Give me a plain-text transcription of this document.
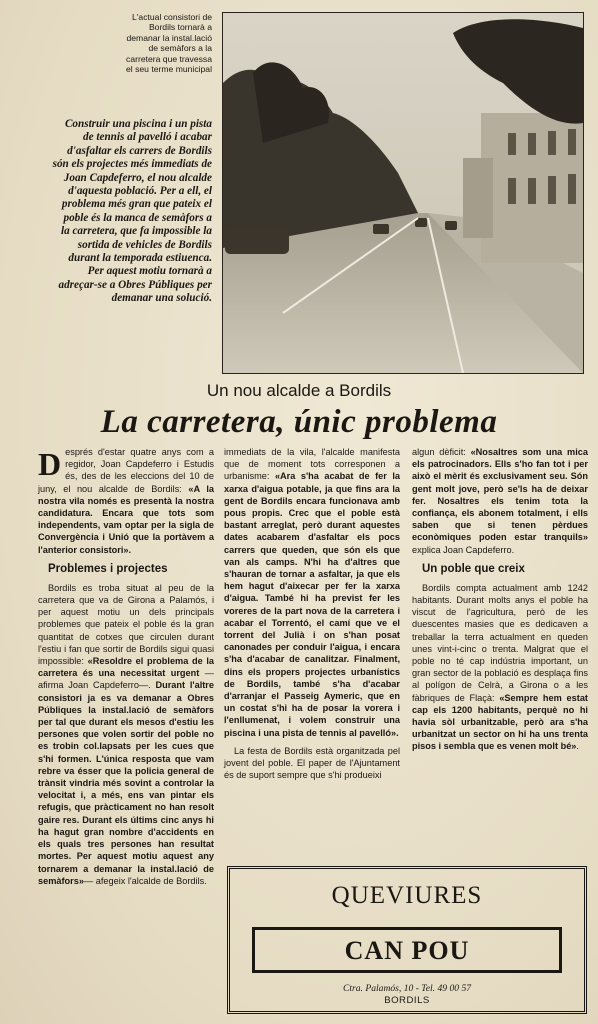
L'actual consistori de Bordils tornarà a demanar la instal.lació de semàfors a la carretera que travessa el seu terme municipal

Construir una piscina i un pista de tennis al pavelló i acabar d'asfaltar els carrers de Bordils són els projectes més immediats de Joan Capdeferro, el nou alcalde d'aquesta població. Per a ell, el problema més gran que pateix el poble és la manca de semàfors a la carretera, que fa impossible la sortida de vehicles de Bordils durant la temporada estiuenca. Per aquest motiu tornarà a adreçar-se a Obres Públiques per demanar una solució.

Un nou alcalde a Bordils

La carretera, únic problema

Després d'estar quatre anys com a regidor, Joan Capdeferro i Estudis és, des de les eleccions del 10 de juny, el nou alcalde de Bordils: «A la nostra vila només es presentà la nostra candidatura. Encara que tots som independents, vam optar per la sigla de Convergència i Unió que la portàvem a l'anterior consistori».

Problemes i projectes

Bordils es troba situat al peu de la carretera que va de Girona a Palamós, i per aquest motiu un dels principals problemes que pateix el poble és la gran quantitat de cotxes que circulen durant l'estiu i fan que sortir de Bordils sigui quasi impossible: «Resoldre el problema de la carretera és una necessitat urgent —afirma Joan Capdeferro—. Durant l'altre consistori ja es va demanar a Obres Públiques la instal.lació de semàfors per tal que durant els mesos d'estiu les persones que volen sortir del poble no es trobin col.lapsats per les cues que s'hi formen. L'única resposta que vam rebre va ésser que la policia general de trànsit vindria més sovint a controlar la velocitat i, a més, ens van pintar els refugis, que pràcticament no han resolt gaire res. Durant els últims cinc anys hi ha hagut gran nombre d'accidents en els quals tres persones han resultat mortes. Per aquest motiu aquest any tornarem a demanar la instal.lació de semàfors»— afegeix l'alcalde de Bordils.

immediats de la vila, l'alcalde manifesta que de moment tots corresponen a urbanisme: «Ara s'ha acabat de fer la xarxa d'aigua potable, ja que fins ara la gent de Bordils encara funcionava amb pous propis. Crec que el poble està bastant arreglat, però durant aquestes dates acabarem d'asfaltar els pocs carrers que queden, que són els que van als camps. N'hi ha d'altres que s'hauran de tornar a asfaltar, ja que els hem hagut d'aixecar per fer la xarxa d'aigua. També hi ha previst fer les voreres de la part nova de la carretera i acabar el Torrentó, el camí que ve el torrent del Julià i on s'han posat canonades per conduir l'aigua, i encara s'ha d'acabar de canalitzar. Finalment, dins els propers projectes urbanístics de Bordils, també s'ha d'acabar d'arranjar el Passeig Aymeric, que en un costat s'hi ha de posar la vorera i l'enllumenat, i volem construir una piscina i una pista de tennis al pavelló».

La festa de Bordils està organitzada pel jovent del poble. El paper de l'Ajuntament és de suport sempre que s'hi produeixi

algun dèficit: «Nosaltres som una mica els patrocinadors. Ells s'ho fan tot i per això el mèrit és exclusivament seu. Són gent molt jove, però se'ls ha de deixar fer. Nosaltres els tenim tota la confiança, els abonem totalment, i ells saben que si tenen pèrdues econòmiques poden estar tranquils» explica Joan Capdeferro.

Un poble que creix

Bordils compta actualment amb 1242 habitants. Durant molts anys el poble ha viscut de l'agricultura, però de les duescentes masies que es dedicaven a treballar la terra actualment en queden unes vint-i-cinc o trenta. Malgrat que el poble no té cap indústria important, un gran sector de la població es desplaça fins al polígon de Celrà, a Girona o a les fàbriques de Flaçà: «Sempre hem estat cap els 1200 habitants, perquè no hi havia sòl urbanitzable, però ara s'ha urbanitzat un sector on hi ha uns trenta pisos i sembla que es venen molt bé».

QUEVIURES

CAN POU

Ctra. Palamós, 10 - Tel. 49 00 57

BORDILS
